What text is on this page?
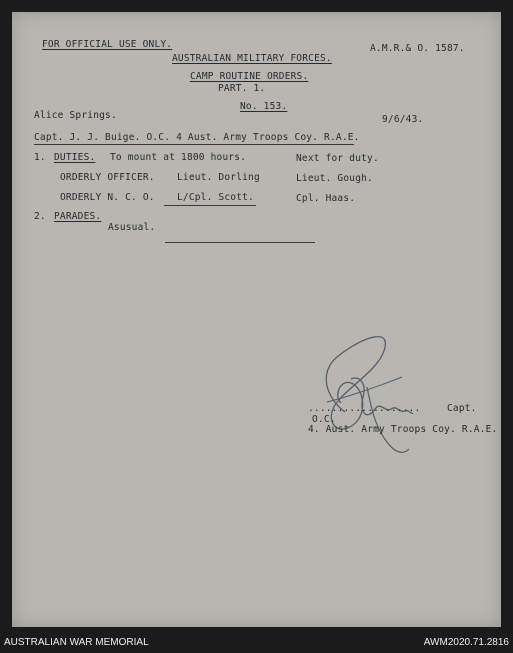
FOR OFFICIAL USE ONLY.
AUSTRALIAN MILITARY FORCES.
A.M.R.& O. 1587.
CAMP ROUTINE ORDERS.
PART. 1.
No. 153.
Alice Springs.	9/6/43.
Capt. J. J. Buige. O.C. 4 Aust. Army Troops Coy. R.A.E.
1. DUTIES. To mount at 1800 hours.	Next for duty.
ORDERLY OFFICER. Lieut. Dorling	Lieut. Gough.
ORDERLY N. C. O. L/Cpl. Scott.	Cpl. Haas.
2. PARADES.
Asusual.
...................	Capt.
O.C.
4. Aust. Army Troops Coy. R.A.E.
AUSTRALIAN WAR MEMORIAL	AWM2020.71.2816
